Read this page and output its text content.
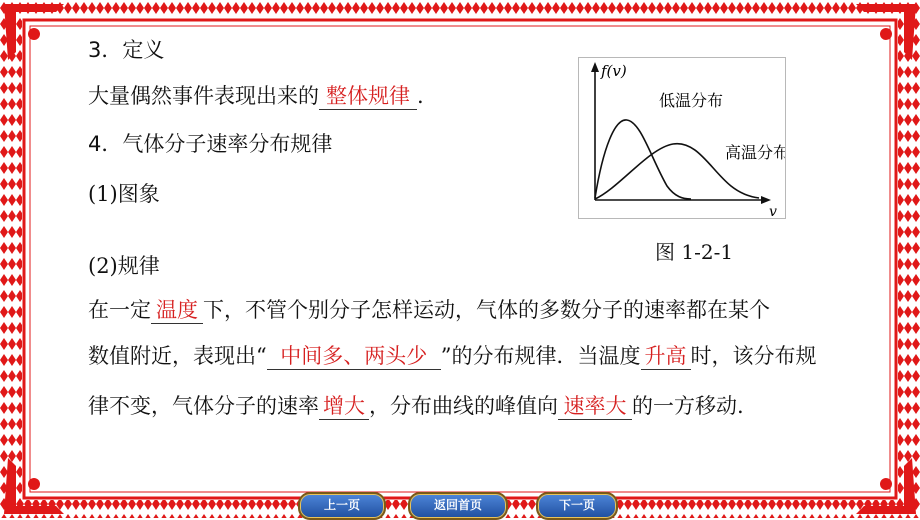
3．定义
大量偶然事件表现出来的 整体规律 .
4．气体分子速率分布规律
(1)图象
(2)规律
在一定 温度 下，不管个别分子怎样运动，气体的多数分子的速率都在某个
数值附近，表现出“ 中间多、两头少 ”的分布规律．当温度 升高 时，该分布规
律不变，气体分子的速率 增大 ，分布曲线的峰值向 速率大 的一方移动.
f(v)
v
低温分布
高温分布
图 1-2-1
上一页	返回首页	下一页
